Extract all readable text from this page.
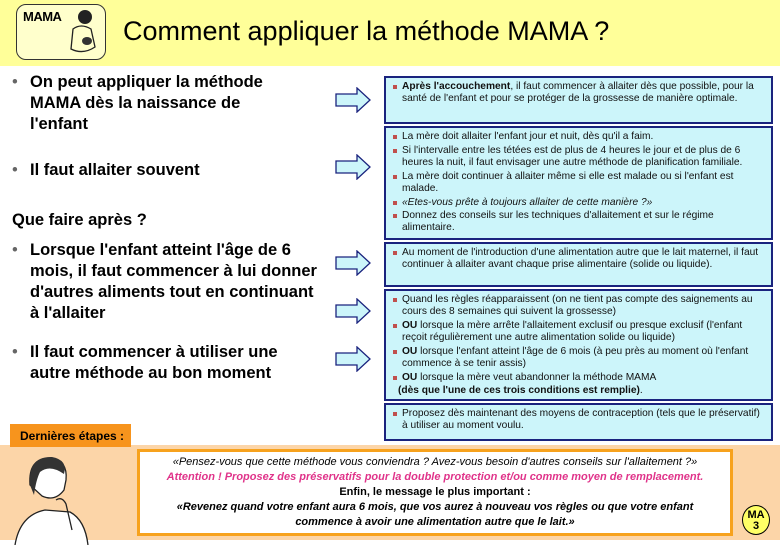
MAMA Comment appliquer la méthode MAMA ?
• On peut appliquer la méthode MAMA dès la naissance de l'enfant
• Il faut allaiter souvent
Que faire après ?
• Lorsque l'enfant atteint l'âge de 6 mois, il faut commencer à lui donner d'autres aliments tout en continuant à l'allaiter
• Il faut commencer à utiliser une autre méthode au bon moment

Après l'accouchement, il faut commencer à allaiter dès que possible, pour la santé de l'enfant et pour se protéger de la grossesse de manière optimale.

La mère doit allaiter l'enfant jour et nuit, dès qu'il a faim.

Si l'intervalle entre les tétées est de plus de 4 heures le jour et de plus de 6 heures la nuit, il faut envisager une autre méthode de planification familiale.

La mère doit continuer à allaiter même si elle est malade ou si l'enfant est malade.

«Etes-vous prête à toujours allaiter de cette manière ?»

Donnez des conseils sur les techniques d'allaitement et sur le régime alimentaire.

Au moment de l'introduction d'une alimentation autre que le lait maternel, il faut continuer à allaiter avant chaque prise alimentaire (solide ou liquide).

Quand les règles réapparaissent (on ne tient pas compte des saignements au cours des 8 semaines qui suivent la grossesse)

OU lorsque la mère arrête l'allaitement exclusif ou presque exclusif (l'enfant reçoit régulièrement une autre alimentation solide ou liquide)

OU lorsque l'enfant atteint l'âge de 6 mois (à peu près au moment où l'enfant commence à se tenir assis)

OU lorsque la mère veut abandonner la méthode MAMA

(dès que l'une de ces trois conditions est remplie).

Proposez dès maintenant des moyens de contraception (tels que le préservatif) à utiliser au moment voulu.

Dernières étapes :
«Pensez-vous que cette méthode vous conviendra ? Avez-vous besoin d'autres conseils sur l'allaitement ?»
Attention ! Proposez des préservatifs pour la double protection et/ou comme moyen de remplacement.
Enfin, le message le plus important :
«Revenez quand votre enfant aura 6 mois, que vos aurez à nouveau vos règles ou que votre enfant commence à avoir une alimentation autre que le lait.»
MA
3
